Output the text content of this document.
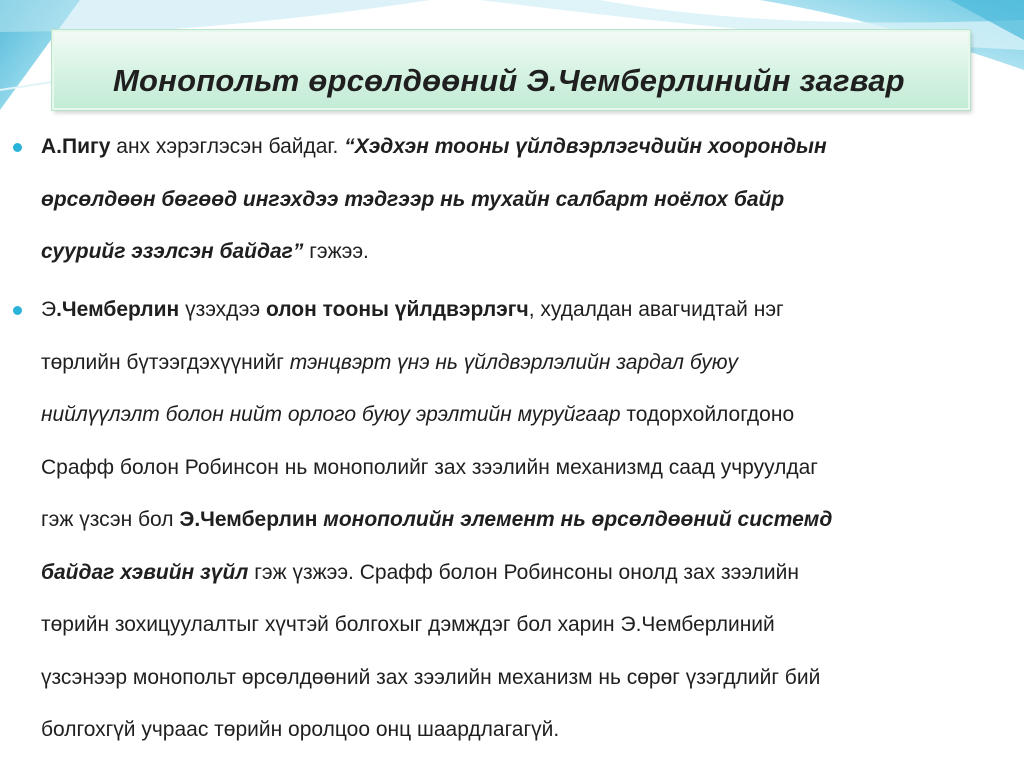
Монопольт өрсөлдөөний Э.Чемберлинийн загвар

А.Пигу анх хэрэглэсэн байдаг. “Хэдхэн тооны үйлдвэрлэгчдийн хоорондын

өрсөлдөөн бөгөөд ингэхдээ тэдгээр нь тухайн салбарт ноёлох байр

суурийг эзэлсэн байдаг” гэжээ.

Э.Чемберлин үзэхдээ олон тооны үйлдвэрлэгч, худалдан авагчидтай нэг

төрлийн бүтээгдэхүүнийг тэнцвэрт үнэ нь үйлдвэрлэлийн зардал буюу

нийлүүлэлт болон нийт орлого буюу эрэлтийн муруйгаар тодорхойлогдоно

Срафф болон Робинсон нь монополийг зах зээлийн механизмд саад учруулдаг

гэж үзсэн бол Э.Чемберлин монополийн элемент нь өрсөлдөөний системд

байдаг хэвийн зүйл гэж үзжээ. Срафф болон Робинсоны онолд зах зээлийн

төрийн зохицуулалтыг хүчтэй болгохыг дэмждэг бол харин Э.Чемберлиний

үзсэнээр монопольт өрсөлдөөний зах зээлийн механизм нь сөрөг үзэгдлийг бий

болгохгүй учраас төрийн оролцоо онц шаардлагагүй.
